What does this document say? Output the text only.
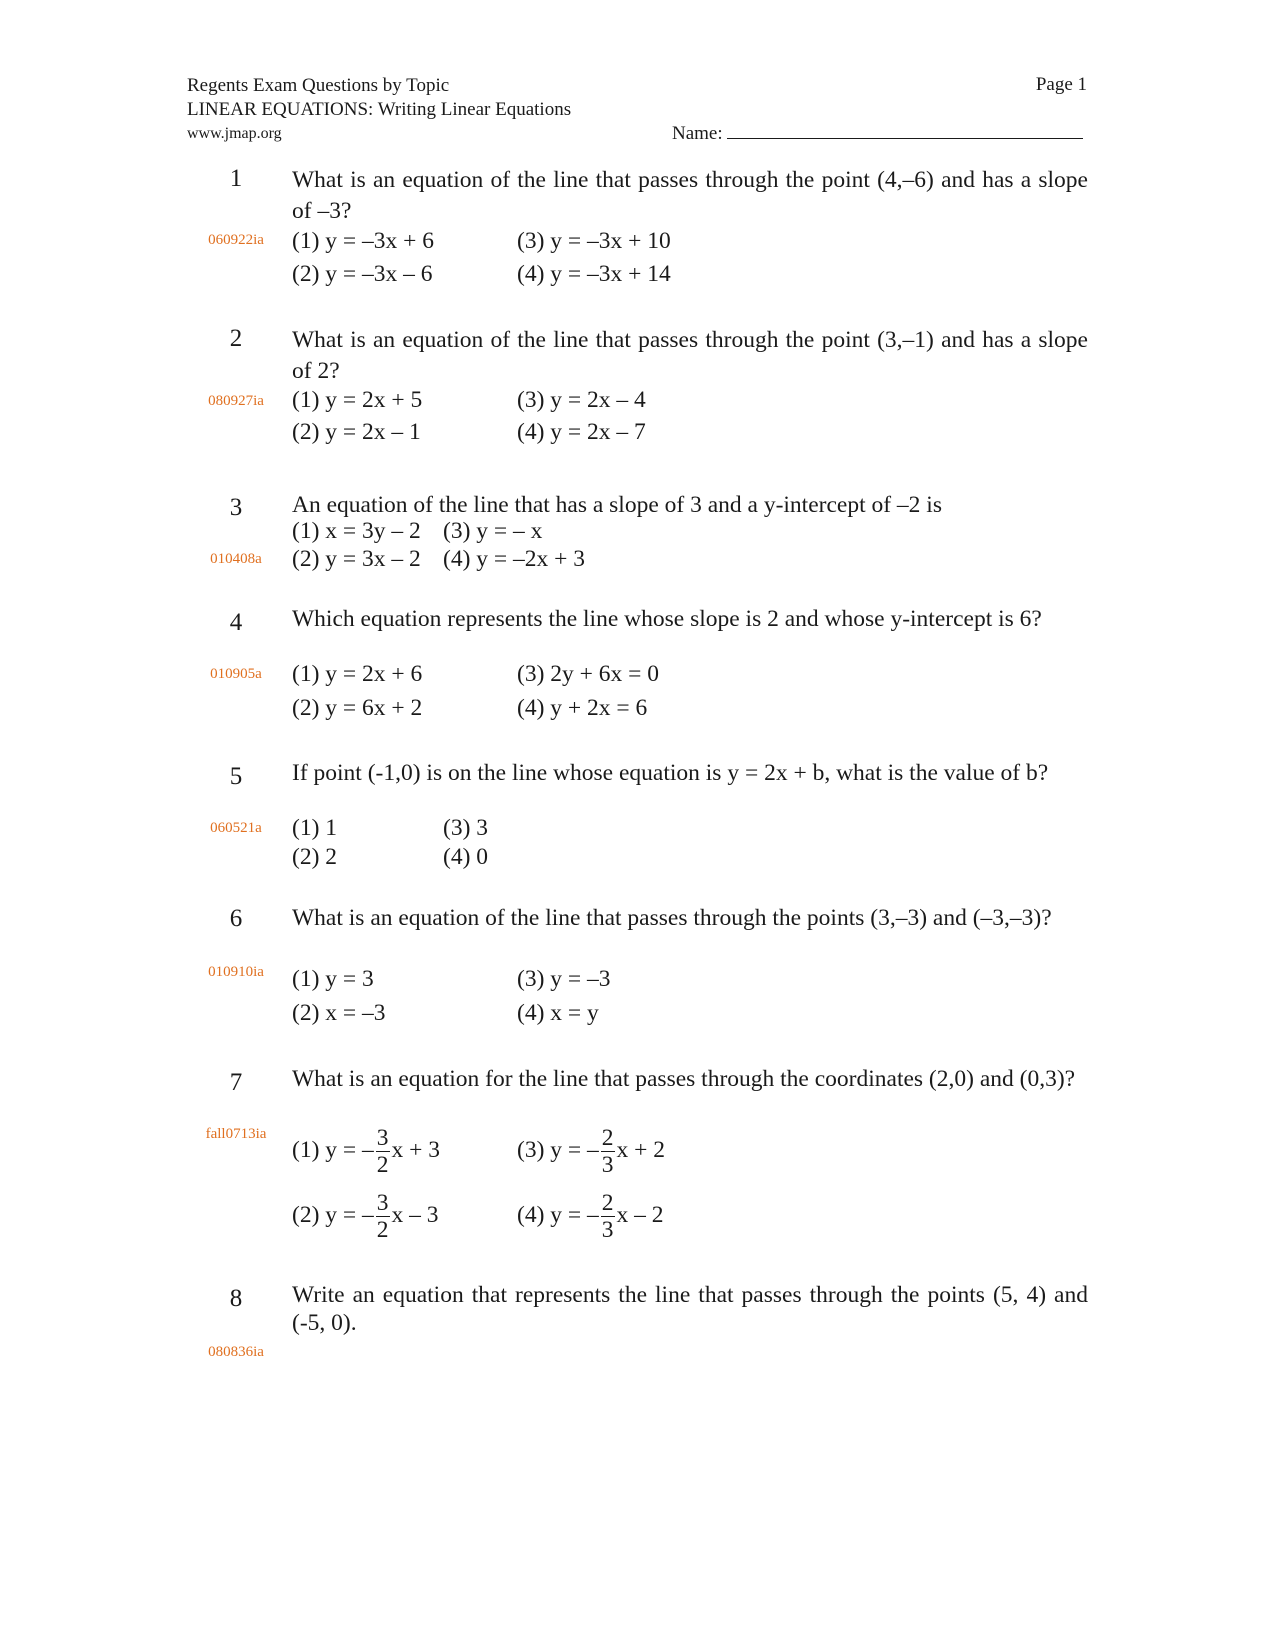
Regents Exam Questions by Topic
LINEAR EQUATIONS: Writing Linear Equations
www.jmap.org
Page 1
Name:
1
060922ia
What is an equation of the line that passes through the point (4,–6) and has a slope of –3?
(1) y = –3x + 6
(2) y = –3x – 6
(3) y = –3x + 10
(4) y = –3x + 14
2
080927ia
What is an equation of the line that passes through the point (3,–1) and has a slope of 2?
(1) y = 2x + 5
(2) y = 2x – 1
(3) y = 2x – 4
(4) y = 2x – 7
3
010408a
An equation of the line that has a slope of 3 and a y-intercept of –2 is
(1) x = 3y – 2
(2) y = 3x – 2
(3) y = – x
(4) y = –2x + 3
4
010905a
Which equation represents the line whose slope is 2 and whose y-intercept is 6?
(1) y = 2x + 6
(2) y = 6x + 2
(3) 2y + 6x = 0
(4) y + 2x = 6
5
060521a
If point (-1,0) is on the line whose equation is y = 2x + b, what is the value of b?
(1) 1
(2) 2
(3) 3
(4) 0
6
010910ia
What is an equation of the line that passes through the points (3,–3) and (–3,–3)?
(1) y = 3
(2) x = –3
(3) y = –3
(4) x = y
7
fall0713ia
What is an equation for the line that passes through the coordinates (2,0) and (0,3)?
(1) y = – $\frac{3}{2}$ x + 3
(2) y = – $\frac{3}{2}$ x – 3
(3) y = – $\frac{2}{3}$ x + 2
(4) y = – $\frac{2}{3}$ x – 2
8
080836ia
Write an equation that represents the line that passes through the points (5, 4) and (-5, 0).
